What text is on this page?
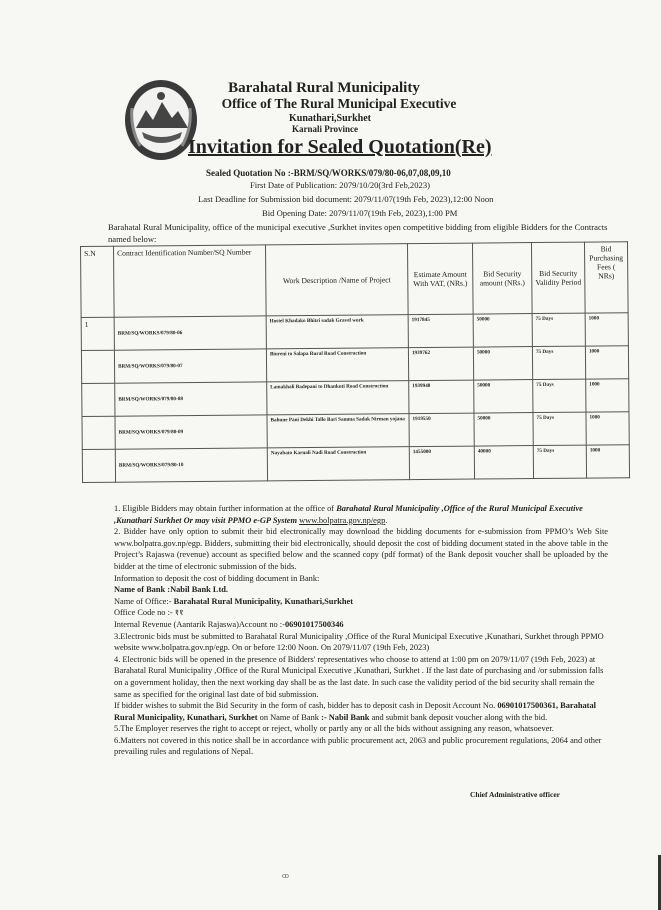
Barahatal Rural Municipality
Office of The Rural Municipal Executive
Kunathari,Surkhet
Karnali Province
Invitation for Sealed Quotation(Re)
Sealed Quotation No :-BRM/SQ/WORKS/079/80-06,07,08,09,10
First Date of Publication: 2079/10/20(3rd Feb,2023)
Last Deadline for Submission bid document: 2079/11/07(19th Feb, 2023),12:00 Noon
Bid Opening Date: 2079/11/07(19th Feb, 2023),1:00 PM
Barahatal Rural Municipality, office of the municipal executive ,Surkhet invites open competitive bidding from eligible Bidders for the Contracts named below:
S.N	Contract Identification Number/SQ Number	Work Description /Name of Project	Estimate Amount With VAT, (NRs.)	Bid Security amount (NRs.)	Bid Security Validity Period	Bid Purchasing Fees ( NRs)
1	BRM/SQ/WORKS/079/80-06	Hostel Khadako Bhitri sadak Gravel work	1917845	50000	75 Days	1000
	BRM/SQ/WORKS/079/80-07	Biureni to Salapa Rural Road Construction	1939762	50000	75 Days	1000
	BRM/SQ/WORKS/079/80-08	Lamakhali Badepani to Dhankuti Road Construction	1939948	50000	75 Days	1000
	BRM/SQ/WORKS/079/80-09	Bahune Pani Dekhi Tallo Bari Samma Sadak Nirman yojana	1919550	50000	75 Days	1000
	BRM/SQ/WORKS/079/80-10	Nayabato Karnali Nadi Road Construction	1455000	40000	75 Days	1000

1. Eligible Bidders may obtain further information at the office of Barahatal Rural Municipality ,Office of the Rural Municipal Executive ,Kunathari Surkhet Or may visit PPMO e-GP System www.bolpatra.gov.np/egp.

2. Bidder have only option to submit their bid electronically may download the bidding documents for e-submission from PPMO’s Web Site www.bolpatra.gov.np/egp. Bidders, submitting their bid electronically, should deposit the cost of bidding document stated in the above table in the Project’s Rajaswa (revenue) account as specified below and the scanned copy (pdf format) of the Bank deposit voucher shall be uploaded by the bidder at the time of electronic submission of the bids.

Information to deposit the cost of bidding document in Bank:

Name of Bank :Nabil Bank Ltd.

Name of Office:- Barahatal Rural Municipality, Kunathari,Surkhet

Office Code no :- ११

Internal Revenue (Aantarik Rajaswa)Account no :-06901017500346

3.Electronic bids must be submitted to Barahatal Rural Municipality ,Office of the Rural Municipal Executive ,Kunathari, Surkhet through PPMO website www.bolpatra.gov.np/egp. On or before 12:00 Noon. On 2079/11/07 (19th Feb, 2023)

4. Electronic bids will be opened in the presence of Bidders' representatives who choose to attend at 1:00 pm on 2079/11/07 (19th Feb, 2023) at Barahatal Rural Municipality ,Office of the Rural Municipal Executive ,Kunathari, Surkhet . If the last date of purchasing and /or submission falls on a government holiday, then the next working day shall be as the last date. In such case the validity period of the bid security shall remain the same as specified for the original last date of bid submission.

If bidder wishes to submit the Bid Security in the form of cash, bidder has to deposit cash in Deposit Account No. 06901017500361, Barahatal Rural Municipality, Kunathari, Surkhet on Name of Bank :- Nabil Bank and submit bank deposit voucher along with the bid.

5.The Employer reserves the right to accept or reject, wholly or partly any or all the bids without assigning any reason, whatsoever.

6.Matters not covered in this notice shall be in accordance with public procurement act, 2063 and public procurement regulations, 2064 and other prevailing rules and regulations of Nepal.

Chief Administrative officer
ꝏ
